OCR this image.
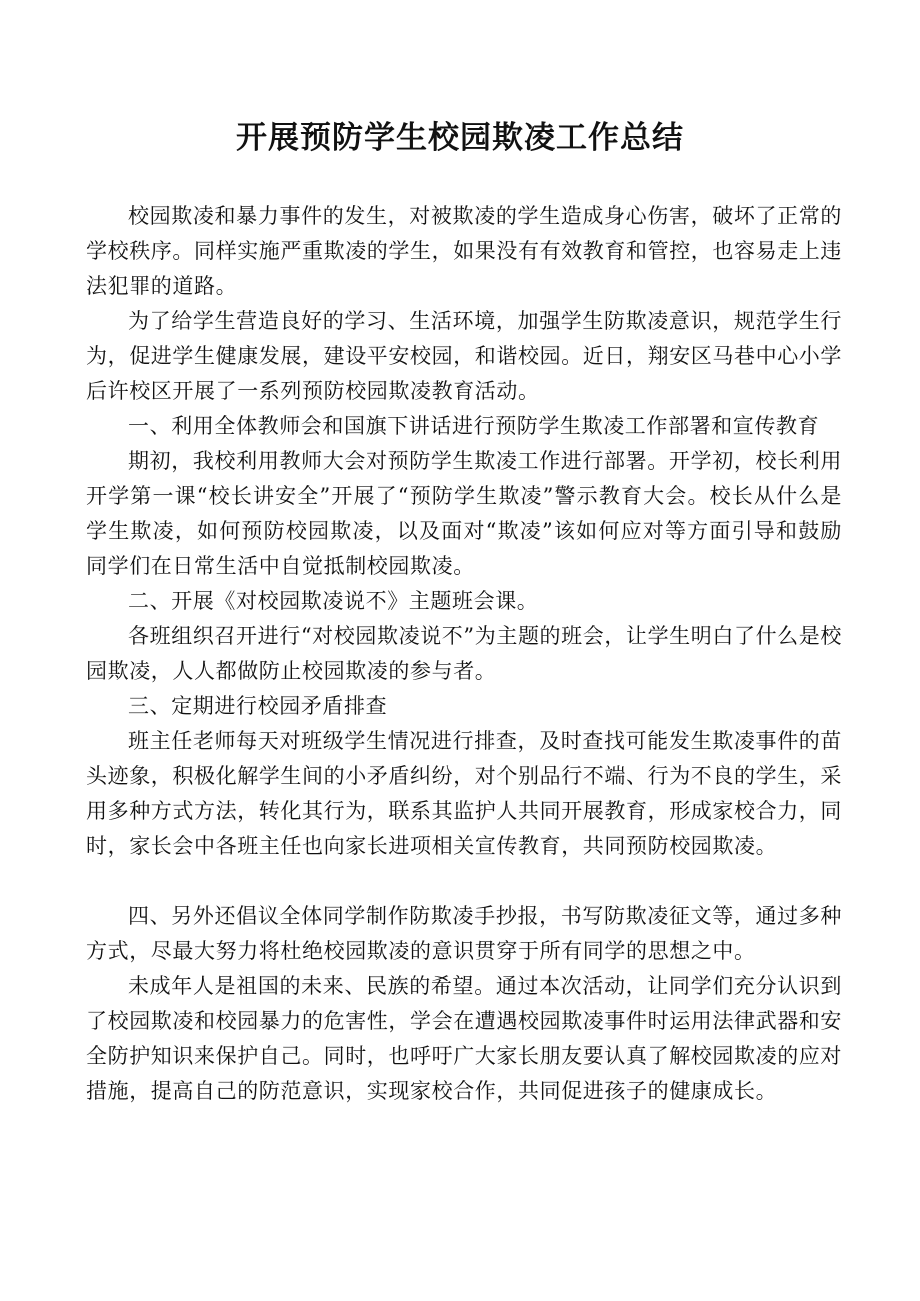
开展预防学生校园欺凌工作总结

校园欺凌和暴力事件的发生，对被欺凌的学生造成身心伤害，破坏了正常的学校秩序。同样实施严重欺凌的学生，如果没有有效教育和管控，也容易走上违法犯罪的道路。

为了给学生营造良好的学习、生活环境，加强学生防欺凌意识，规范学生行为，促进学生健康发展，建设平安校园，和谐校园。近日，翔安区马巷中心小学后许校区开展了一系列预防校园欺凌教育活动。

一、利用全体教师会和国旗下讲话进行预防学生欺凌工作部署和宣传教育

期初，我校利用教师大会对预防学生欺凌工作进行部署。开学初，校长利用开学第一课“校长讲安全”开展了“预防学生欺凌”警示教育大会。校长从什么是学生欺凌，如何预防校园欺凌，以及面对“欺凌”该如何应对等方面引导和鼓励同学们在日常生活中自觉抵制校园欺凌。

二、开展《对校园欺凌说不》主题班会课。

各班组织召开进行“对校园欺凌说不”为主题的班会，让学生明白了什么是校园欺凌，人人都做防止校园欺凌的参与者。

三、定期进行校园矛盾排查

班主任老师每天对班级学生情况进行排查，及时查找可能发生欺凌事件的苗头迹象，积极化解学生间的小矛盾纠纷，对个别品行不端、行为不良的学生，采用多种方式方法，转化其行为，联系其监护人共同开展教育，形成家校合力，同时，家长会中各班主任也向家长进项相关宣传教育，共同预防校园欺凌。

四、另外还倡议全体同学制作防欺凌手抄报，书写防欺凌征文等，通过多种方式，尽最大努力将杜绝校园欺凌的意识贯穿于所有同学的思想之中。

未成年人是祖国的未来、民族的希望。通过本次活动，让同学们充分认识到了校园欺凌和校园暴力的危害性，学会在遭遇校园欺凌事件时运用法律武器和安全防护知识来保护自己。同时，也呼吁广大家长朋友要认真了解校园欺凌的应对措施，提高自己的防范意识，实现家校合作，共同促进孩子的健康成长。
